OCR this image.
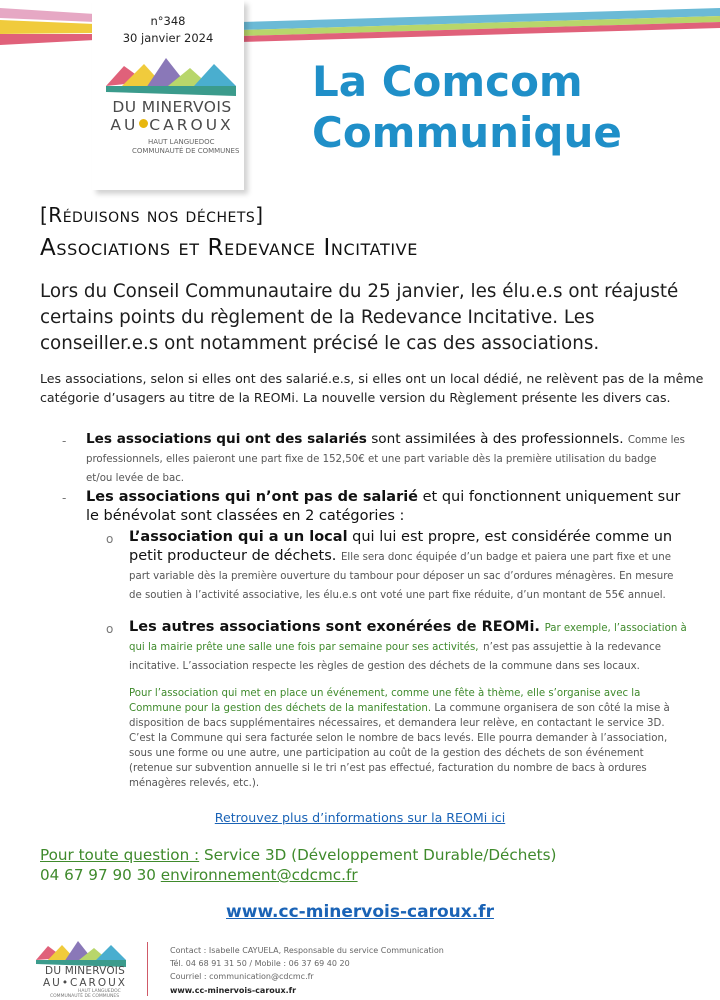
n°348
30 janvier 2024
DU MINERVOIS
AU CAROUX
HAUT LANGUEDOC
COMMUNAUTÉ DE COMMUNES
La Comcom
Communique
[Réduisons nos déchets]
Associations et Redevance Incitative
Lors du Conseil Communautaire du 25 janvier, les élu.e.s ont réajusté certains points du règlement de la Redevance Incitative. Les conseiller.e.s ont notamment précisé le cas des associations.
Les associations, selon si elles ont des salarié.e.s, si elles ont un local dédié, ne relèvent pas de la même catégorie d’usagers au titre de la REOMi. La nouvelle version du Règlement présente les divers cas.
- Les associations qui ont des salariés sont assimilées à des professionnels. Comme les professionnels, elles paieront une part fixe de 152,50€ et une part variable dès la première utilisation du badge et/ou levée de bac.
- Les associations qui n’ont pas de salarié et qui fonctionnent uniquement sur le bénévolat sont classées en 2 catégories :
o L’association qui a un local qui lui est propre, est considérée comme un petit producteur de déchets. Elle sera donc équipée d’un badge et paiera une part fixe et une part variable dès la première ouverture du tambour pour déposer un sac d’ordures ménagères. En mesure de soutien à l’activité associative, les élu.e.s ont voté une part fixe réduite, d’un montant de 55€ annuel.
o Les autres associations sont exonérées de REOMi. Par exemple, l’association à qui la mairie prête une salle une fois par semaine pour ses activités, n’est pas assujettie à la redevance incitative. L’association respecte les règles de gestion des déchets de la commune dans ses locaux.
Pour l’association qui met en place un événement, comme une fête à thème, elle s’organise avec la Commune pour la gestion des déchets de la manifestation. La commune organisera de son côté la mise à disposition de bacs supplémentaires nécessaires, et demandera leur relève, en contactant le service 3D. C’est la Commune qui sera facturée selon le nombre de bacs levés. Elle pourra demander à l’association, sous une forme ou une autre, une participation au coût de la gestion des déchets de son événement (retenue sur subvention annuelle si le tri n’est pas effectué, facturation du nombre de bacs à ordures ménagères relevés, etc.).
Retrouvez plus d’informations sur la REOMi ici
Pour toute question : Service 3D (Développement Durable/Déchets)
04 67 97 90 30 environnement@cdcmc.fr
www.cc-minervois-caroux.fr
DU MINERVOIS
AU•CAROUX
HAUT LANGUEDOC
COMMUNAUTÉ DE COMMUNES
Contact : Isabelle CAYUELA, Responsable du service Communication
Tél. 04 68 91 31 50 / Mobile : 06 37 69 40 20
Courriel : communication@cdcmc.fr
www.cc-minervois-caroux.fr
